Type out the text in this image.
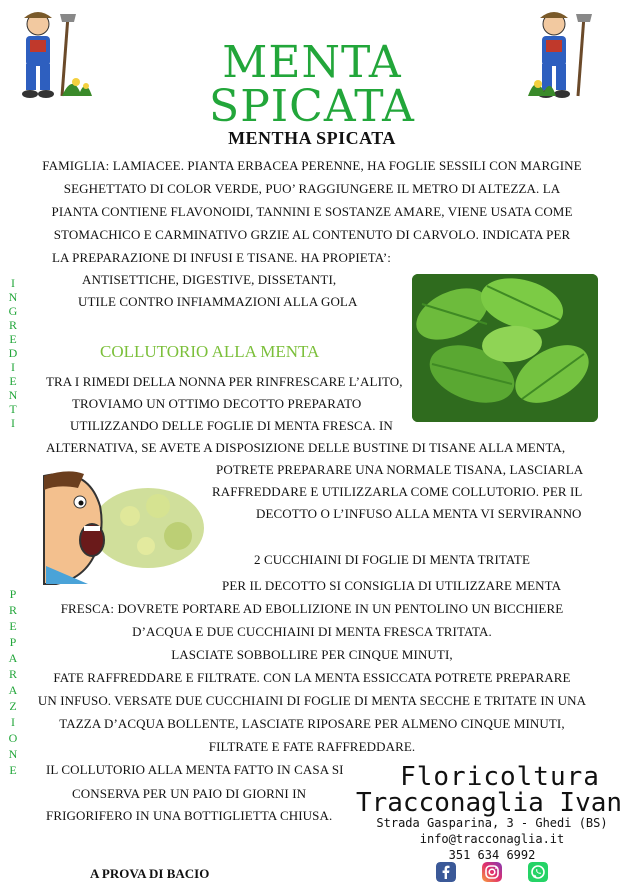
MENTA
SPICATA
MENTHA SPICATA
FAMIGLIA: LAMIACEE. PIANTA ERBACEA PERENNE, HA FOGLIE SESSILI CON MARGINE
SEGHETTATO DI COLOR VERDE, PUO’ RAGGIUNGERE IL METRO DI ALTEZZA. LA
PIANTA CONTIENE FLAVONOIDI, TANNINI E SOSTANZE AMARE, VIENE USATA COME
STOMACHICO E CARMINATIVO GRZIE AL CONTENUTO DI CARVOLO. INDICATA PER
LA PREPARAZIONE DI INFUSI E TISANE. HA PROPIETA’:
ANTISETTICHE, DIGESTIVE, DISSETANTI,
UTILE CONTRO INFIAMMAZIONI ALLA GOLA
I
N
G
R
E
D
I
E
N
T
I
P
R
E
P
A
R
A
Z
I
O
N
E
COLLUTORIO ALLA MENTA
TRA I RIMEDI DELLA NONNA PER RINFRESCARE L’ALITO,
TROVIAMO UN OTTIMO DECOTTO PREPARATO
UTILIZZANDO DELLE FOGLIE DI MENTA FRESCA. IN
ALTERNATIVA, SE AVETE A DISPOSIZIONE DELLE BUSTINE DI TISANE ALLA MENTA,
POTRETE PREPARARE UNA NORMALE TISANA, LASCIARLA
RAFFREDDARE E UTILIZZARLA COME COLLUTORIO. PER IL
DECOTTO O L’INFUSO ALLA MENTA VI SERVIRANNO
2 CUCCHIAINI DI FOGLIE DI MENTA TRITATE
PER IL DECOTTO SI CONSIGLIA DI UTILIZZARE MENTA
FRESCA: DOVRETE PORTARE AD EBOLLIZIONE IN UN PENTOLINO UN BICCHIERE
D’ACQUA E DUE CUCCHIAINI DI MENTA FRESCA TRITATA.
LASCIATE SOBBOLLIRE PER CINQUE MINUTI,
FATE RAFFREDDARE E FILTRATE. CON LA MENTA ESSICCATA POTRETE PREPARARE
UN INFUSO. VERSATE DUE CUCCHIAINI DI FOGLIE DI MENTA SECCHE E TRITATE IN UNA
TAZZA D’ACQUA BOLLENTE, LASCIATE RIPOSARE PER ALMENO CINQUE MINUTI,
FILTRATE E FATE RAFFREDDARE.
IL COLLUTORIO ALLA MENTA FATTO IN CASA SI
CONSERVA PER UN PAIO DI GIORNI IN
FRIGORIFERO IN UNA BOTTIGLIETTA CHIUSA.
Floricoltura
Tracconaglia Ivan
Strada Gasparina, 3 - Ghedi (BS)
info@tracconaglia.it
351 634 6992
A PROVA DI BACIO
